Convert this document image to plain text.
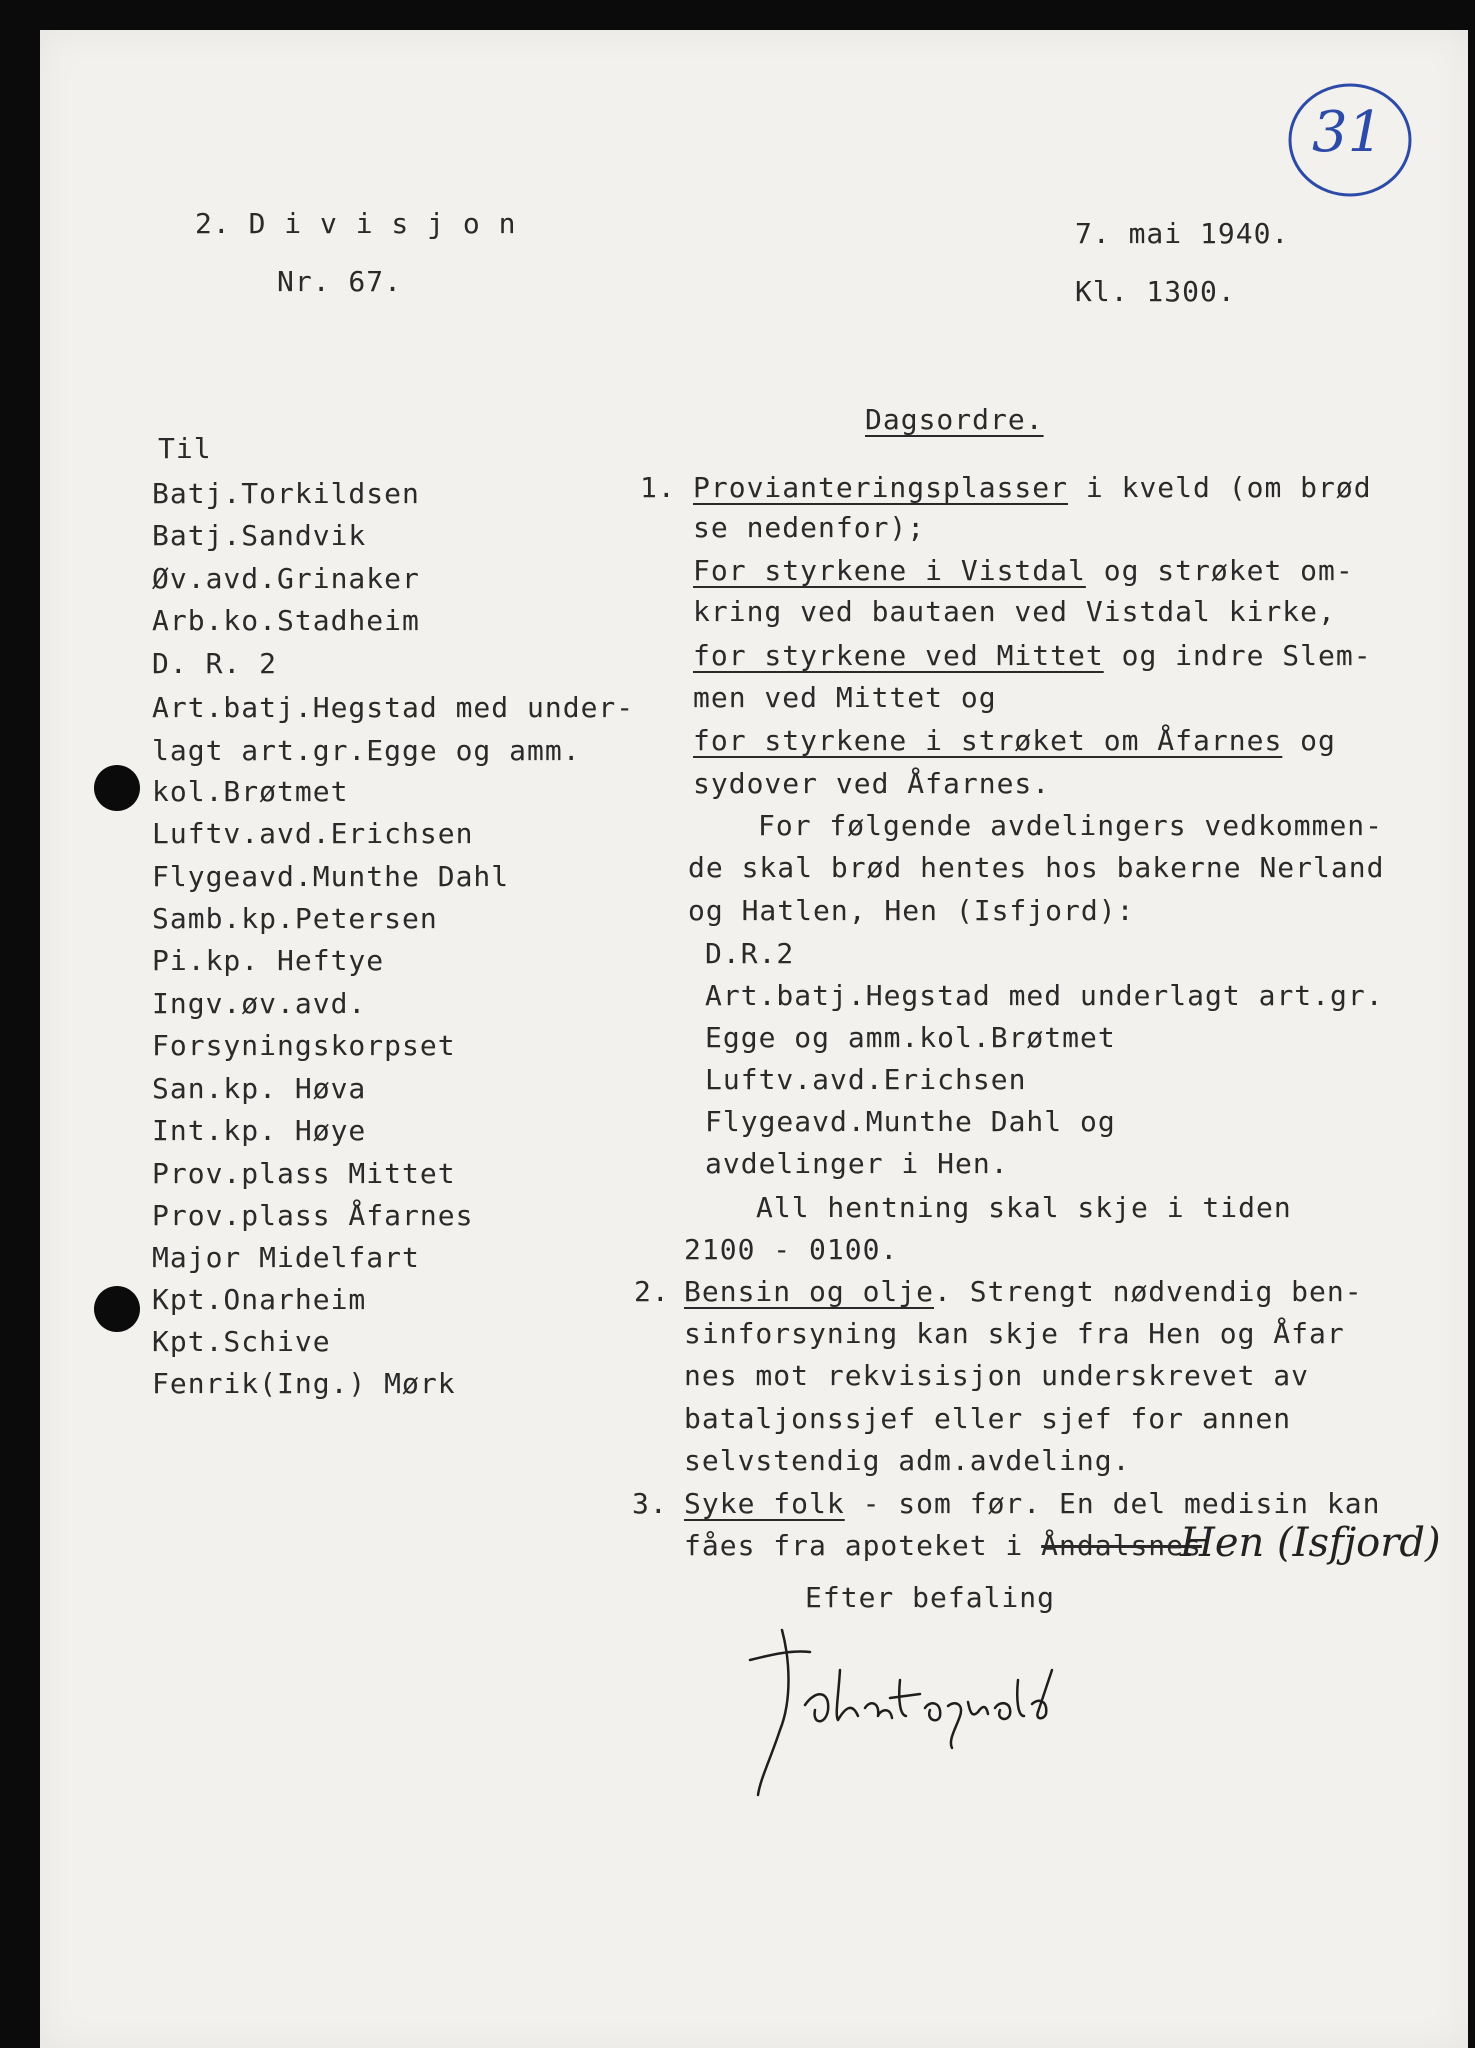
31
2. D i v i s j o n
Nr. 67.
7. mai 1940.
Kl. 1300.
Dagsordre.
Til
Batj.Torkildsen
Batj.Sandvik
Øv.avd.Grinaker
Arb.ko.Stadheim
D. R. 2
Art.batj.Hegstad med under-
lagt art.gr.Egge og amm.
kol.Brøtmet
Luftv.avd.Erichsen
Flygeavd.Munthe Dahl
Samb.kp.Petersen
Pi.kp. Heftye
Ingv.øv.avd.
Forsyningskorpset
San.kp. Høva
Int.kp. Høye
Prov.plass Mittet
Prov.plass Åfarnes
Major Midelfart
Kpt.Onarheim
Kpt.Schive
Fenrik(Ing.) Mørk
1. Provianteringsplasser i kveld (om brød
se nedenfor);
For styrkene i Vistdal og strøket om-
kring ved bautaen ved Vistdal kirke,
for styrkene ved Mittet og indre Slem-
men ved Mittet og
for styrkene i strøket om Åfarnes og
sydover ved Åfarnes.
For følgende avdelingers vedkommen-
de skal brød hentes hos bakerne Nerland
og Hatlen, Hen (Isfjord):
D.R.2
Art.batj.Hegstad med underlagt art.gr.
Egge og amm.kol.Brøtmet
Luftv.avd.Erichsen
Flygeavd.Munthe Dahl og
avdelinger i Hen.
All hentning skal skje i tiden
2100 - 0100.
2. Bensin og olje. Strengt nødvendig ben-
sinforsyning kan skje fra Hen og Åfar
nes mot rekvisisjon underskrevet av
bataljonssjef eller sjef for annen
selvstendig adm.avdeling.
3. Syke folk - som før. En del medisin kan
fåes fra apoteket i Åndalsnes
Hen (Isfjord)
Efter befaling
